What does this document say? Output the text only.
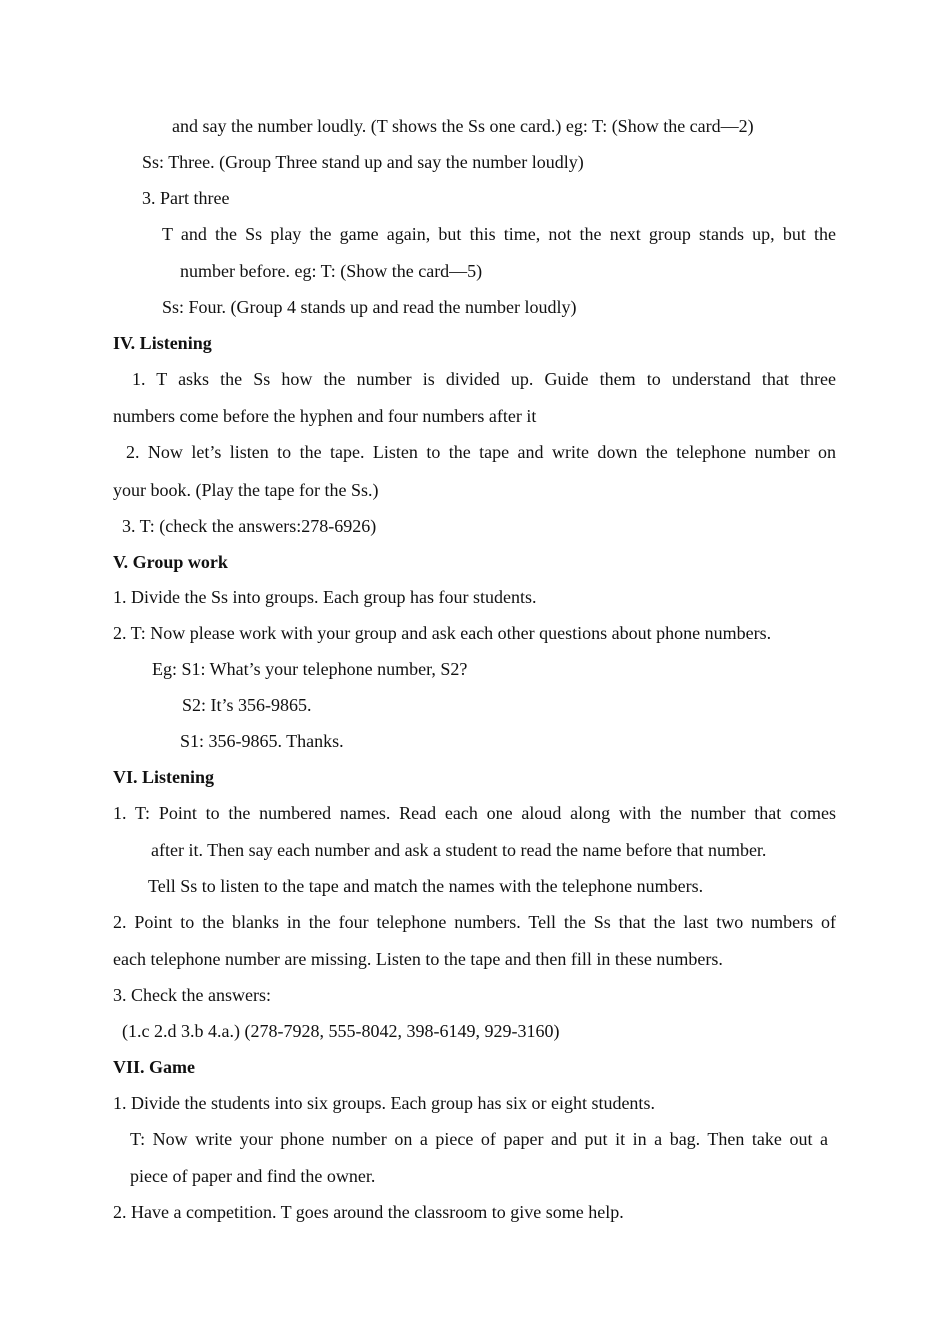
and say the number loudly. (T shows the Ss one card.) eg: T: (Show the card—2)
Ss: Three. (Group Three stand up and say the number loudly)
3. Part three
T and the Ss play the game again, but this time, not the next group stands up, but the
number before. eg: T: (Show the card—5)
Ss: Four. (Group 4 stands up and read the number loudly)
IV. Listening
1. T asks the Ss how the number is divided up. Guide them to understand that three
numbers come before the hyphen and four numbers after it
2. Now let’s listen to the tape. Listen to the tape and write down the telephone number on
your book. (Play the tape for the Ss.)
3. T: (check the answers:278-6926)
V. Group work
1. Divide the Ss into groups. Each group has four students.
2. T: Now please work with your group and ask each other questions about phone numbers.
Eg: S1: What’s your telephone number, S2?
S2: It’s 356-9865.
S1: 356-9865. Thanks.
VI. Listening
1. T: Point to the numbered names. Read each one aloud along with the number that comes
after it. Then say each number and ask a student to read the name before that number.
Tell Ss to listen to the tape and match the names with the telephone numbers.
2. Point to the blanks in the four telephone numbers. Tell the Ss that the last two numbers of
each telephone number are missing. Listen to the tape and then fill in these numbers.
3. Check the answers:
(1.c 2.d 3.b 4.a.) (278-7928, 555-8042, 398-6149, 929-3160)
VII. Game
1. Divide the students into six groups. Each group has six or eight students.
T: Now write your phone number on a piece of paper and put it in a bag. Then take out a
piece of paper and find the owner.
2. Have a competition. T goes around the classroom to give some help.
